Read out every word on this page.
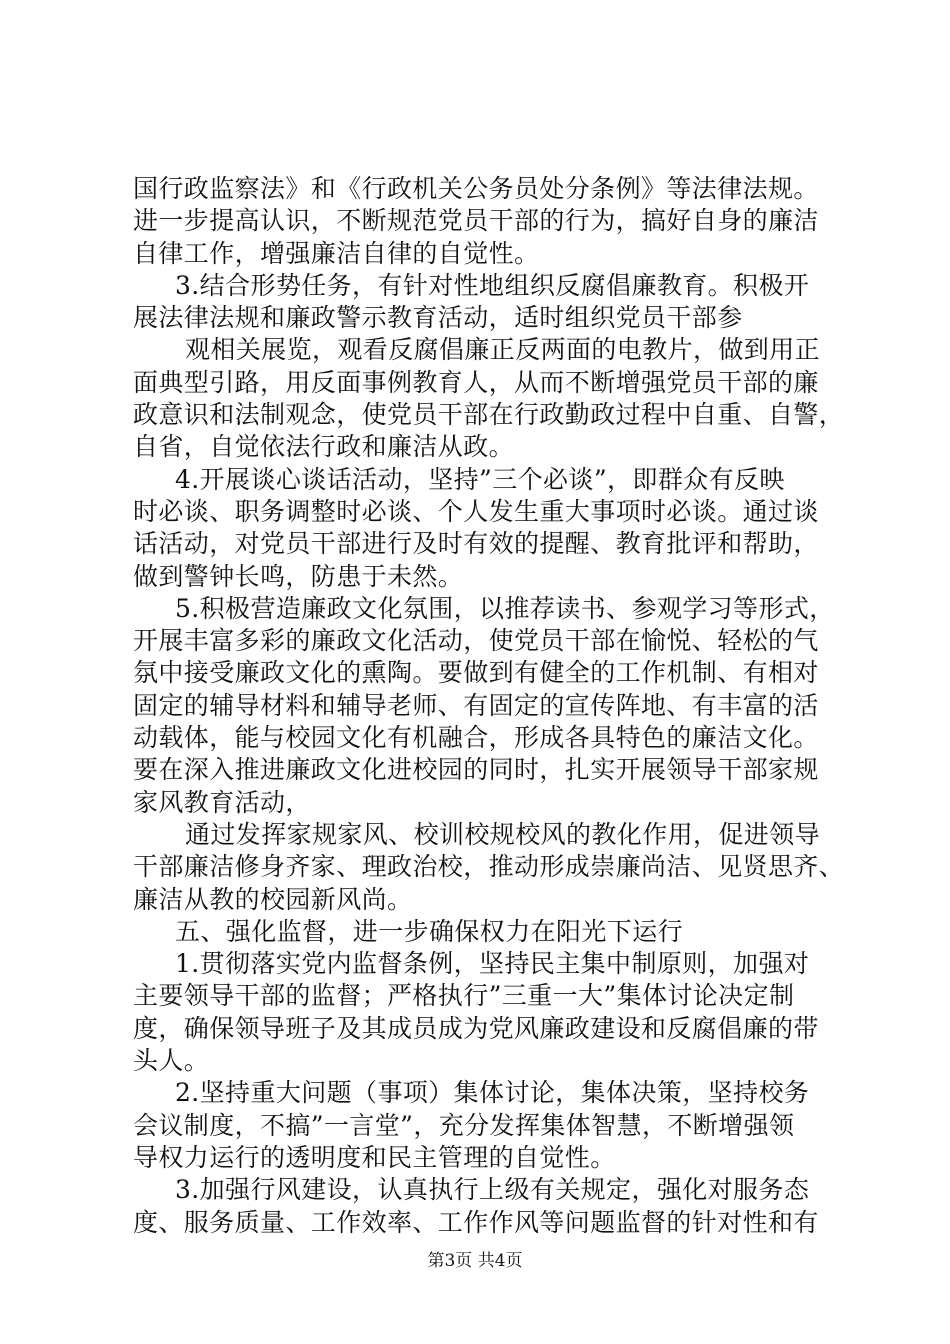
国行政监察法》和《行政机关公务员处分条例》等法律法规。
进一步提高认识，不断规范党员干部的行为，搞好自身的廉洁
自律工作，增强廉洁自律的自觉性。
3.结合形势任务，有针对性地组织反腐倡廉教育。积极开
展法律法规和廉政警示教育活动，适时组织党员干部参
观相关展览，观看反腐倡廉正反两面的电教片，做到用正
面典型引路，用反面事例教育人，从而不断增强党员干部的廉
政意识和法制观念，使党员干部在行政勤政过程中自重、自警，
自省，自觉依法行政和廉洁从政。
4.开展谈心谈话活动，坚持”三个必谈”，即群众有反映
时必谈、职务调整时必谈、个人发生重大事项时必谈。通过谈
话活动，对党员干部进行及时有效的提醒、教育批评和帮助，
做到警钟长鸣，防患于未然。
5.积极营造廉政文化氛围，以推荐读书、参观学习等形式，
开展丰富多彩的廉政文化活动，使党员干部在愉悦、轻松的气
氛中接受廉政文化的熏陶。要做到有健全的工作机制、有相对
固定的辅导材料和辅导老师、有固定的宣传阵地、有丰富的活
动载体，能与校园文化有机融合，形成各具特色的廉洁文化。
要在深入推进廉政文化进校园的同时，扎实开展领导干部家规
家风教育活动，
通过发挥家规家风、校训校规校风的教化作用，促进领导
干部廉洁修身齐家、理政治校，推动形成崇廉尚洁、见贤思齐、
廉洁从教的校园新风尚。
五、强化监督，进一步确保权力在阳光下运行
1.贯彻落实党内监督条例，坚持民主集中制原则，加强对
主要领导干部的监督；严格执行”三重一大”集体讨论决定制
度，确保领导班子及其成员成为党风廉政建设和反腐倡廉的带
头人。
2.坚持重大问题（事项）集体讨论，集体决策，坚持校务
会议制度，不搞”一言堂”，充分发挥集体智慧，不断增强领
导权力运行的透明度和民主管理的自觉性。
3.加强行风建设，认真执行上级有关规定，强化对服务态
度、服务质量、工作效率、工作作风等问题监督的针对性和有
第3页 共4页
